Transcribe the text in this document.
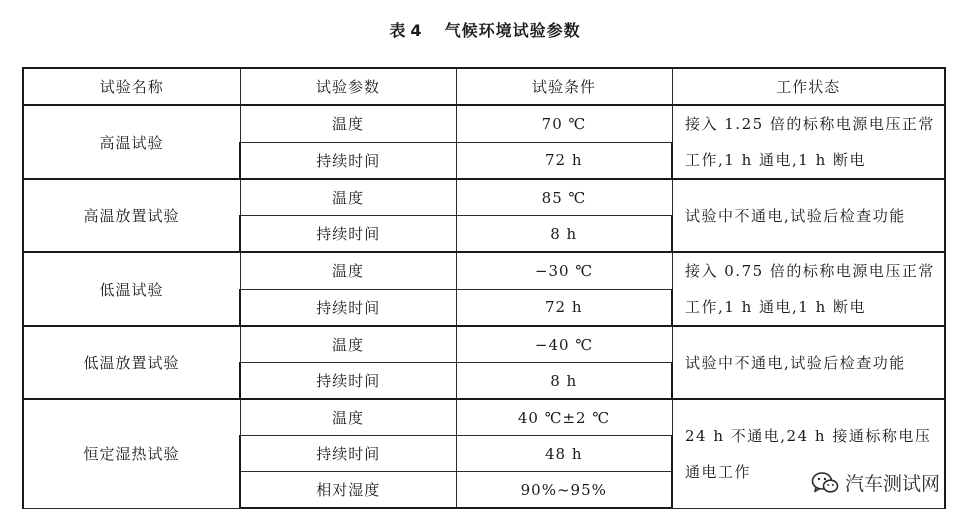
表 4 气候环境试验参数
试验名称	试验参数	试验条件	工作状态
高温试验	温度	70 ℃	接入 1.25 倍的标称电源电压正常工作,1 h 通电,1 h 断电
	持续时间	72 h	
高温放置试验	温度	85 ℃	试验中不通电,试验后检查功能
	持续时间	8 h	
低温试验	温度	−30 ℃	接入 0.75 倍的标称电源电压正常工作,1 h 通电,1 h 断电
	持续时间	72 h	
低温放置试验	温度	−40 ℃	试验中不通电,试验后检查功能
	持续时间	8 h	
恒定湿热试验	温度	40 ℃±2 ℃	24 h 不通电,24 h 接通标称电压通电工作
	持续时间	48 h	
	相对湿度	90%~95%		汽车测试网
